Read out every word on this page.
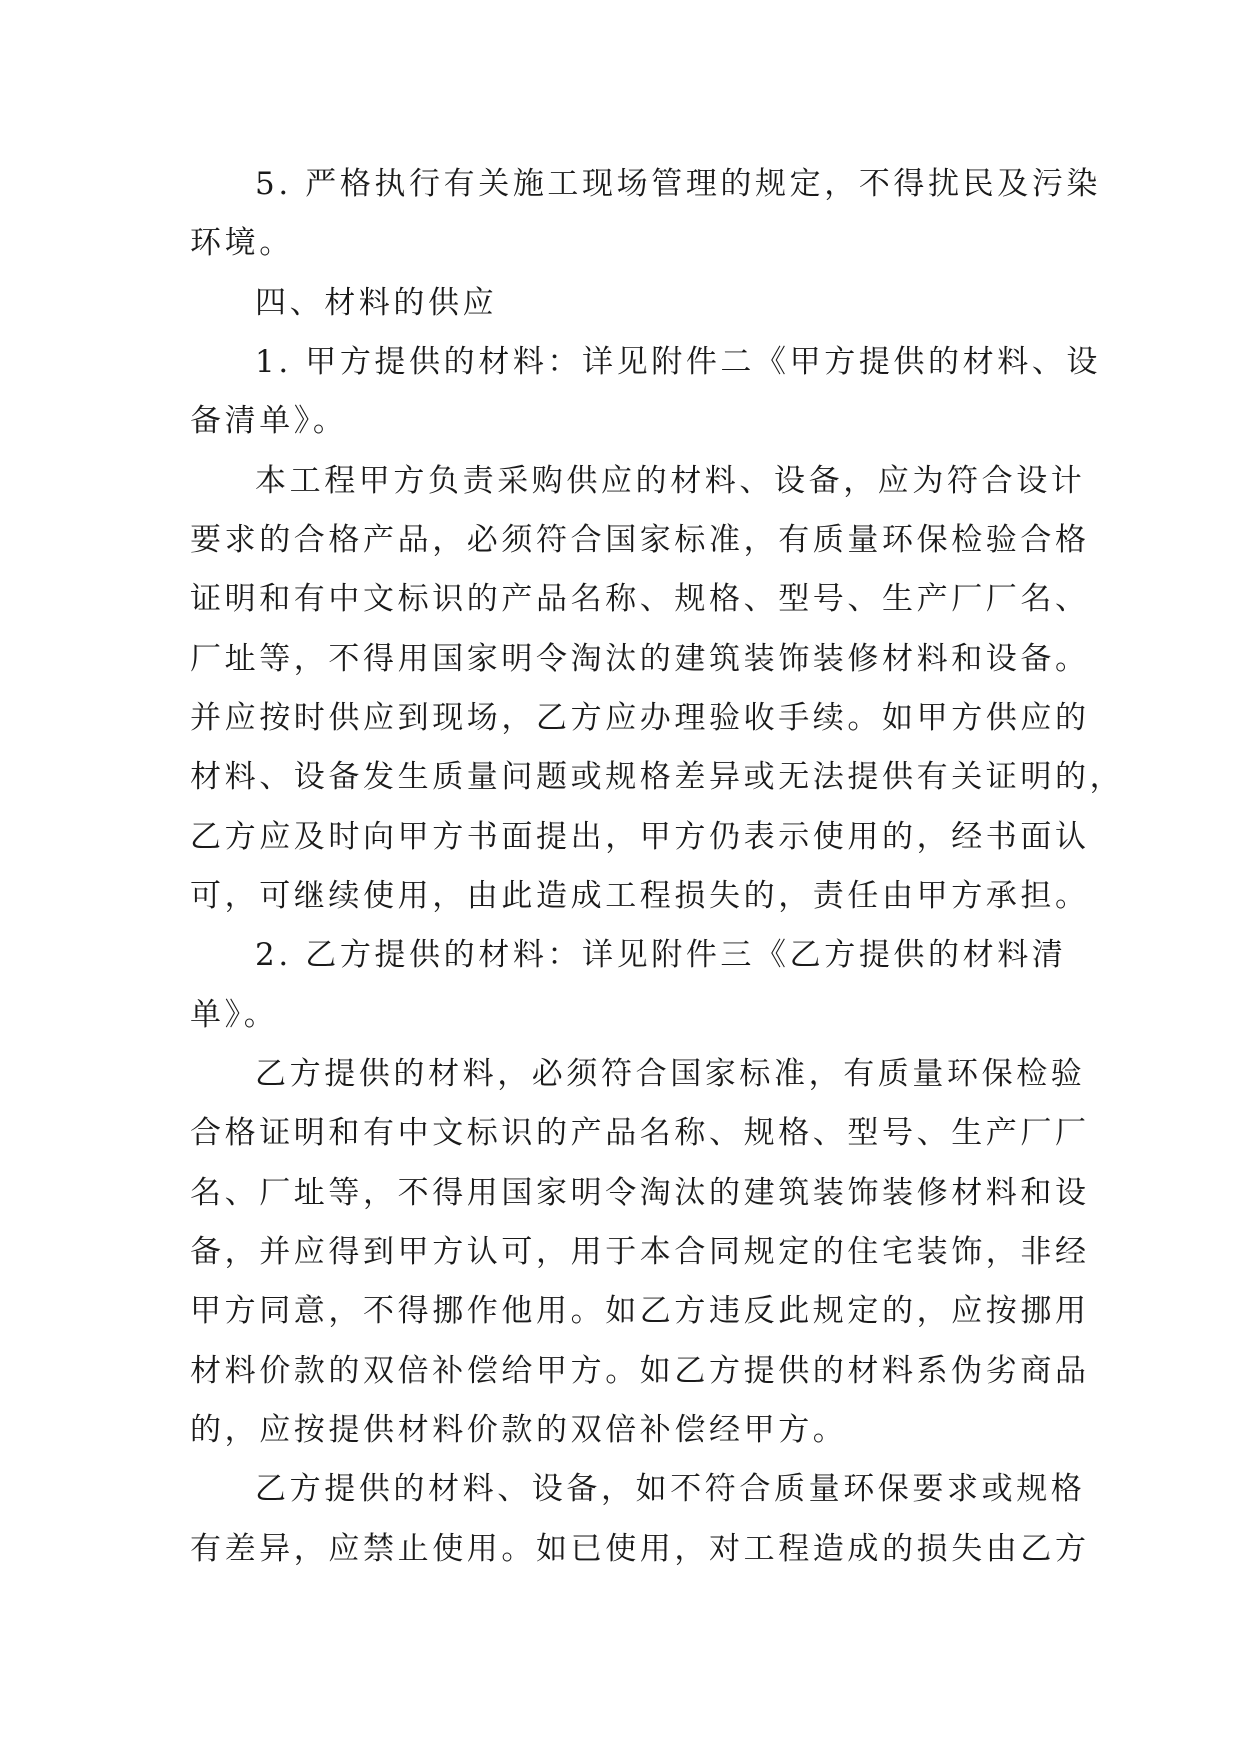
5. 严格执行有关施工现场管理的规定，不得扰民及污染
环境。
四、材料的供应
1. 甲方提供的材料：详见附件二《甲方提供的材料、设
备清单》。
本工程甲方负责采购供应的材料、设备，应为符合设计
要求的合格产品，必须符合国家标准，有质量环保检验合格
证明和有中文标识的产品名称、规格、型号、生产厂厂名、
厂址等，不得用国家明令淘汰的建筑装饰装修材料和设备。
并应按时供应到现场，乙方应办理验收手续。如甲方供应的
材料、设备发生质量问题或规格差异或无法提供有关证明的，
乙方应及时向甲方书面提出，甲方仍表示使用的，经书面认
可，可继续使用，由此造成工程损失的，责任由甲方承担。
2. 乙方提供的材料：详见附件三《乙方提供的材料清
单》。
乙方提供的材料，必须符合国家标准，有质量环保检验
合格证明和有中文标识的产品名称、规格、型号、生产厂厂
名、厂址等，不得用国家明令淘汰的建筑装饰装修材料和设
备，并应得到甲方认可，用于本合同规定的住宅装饰，非经
甲方同意，不得挪作他用。如乙方违反此规定的，应按挪用
材料价款的双倍补偿给甲方。如乙方提供的材料系伪劣商品
的，应按提供材料价款的双倍补偿经甲方。
乙方提供的材料、设备，如不符合质量环保要求或规格
有差异，应禁止使用。如已使用，对工程造成的损失由乙方
